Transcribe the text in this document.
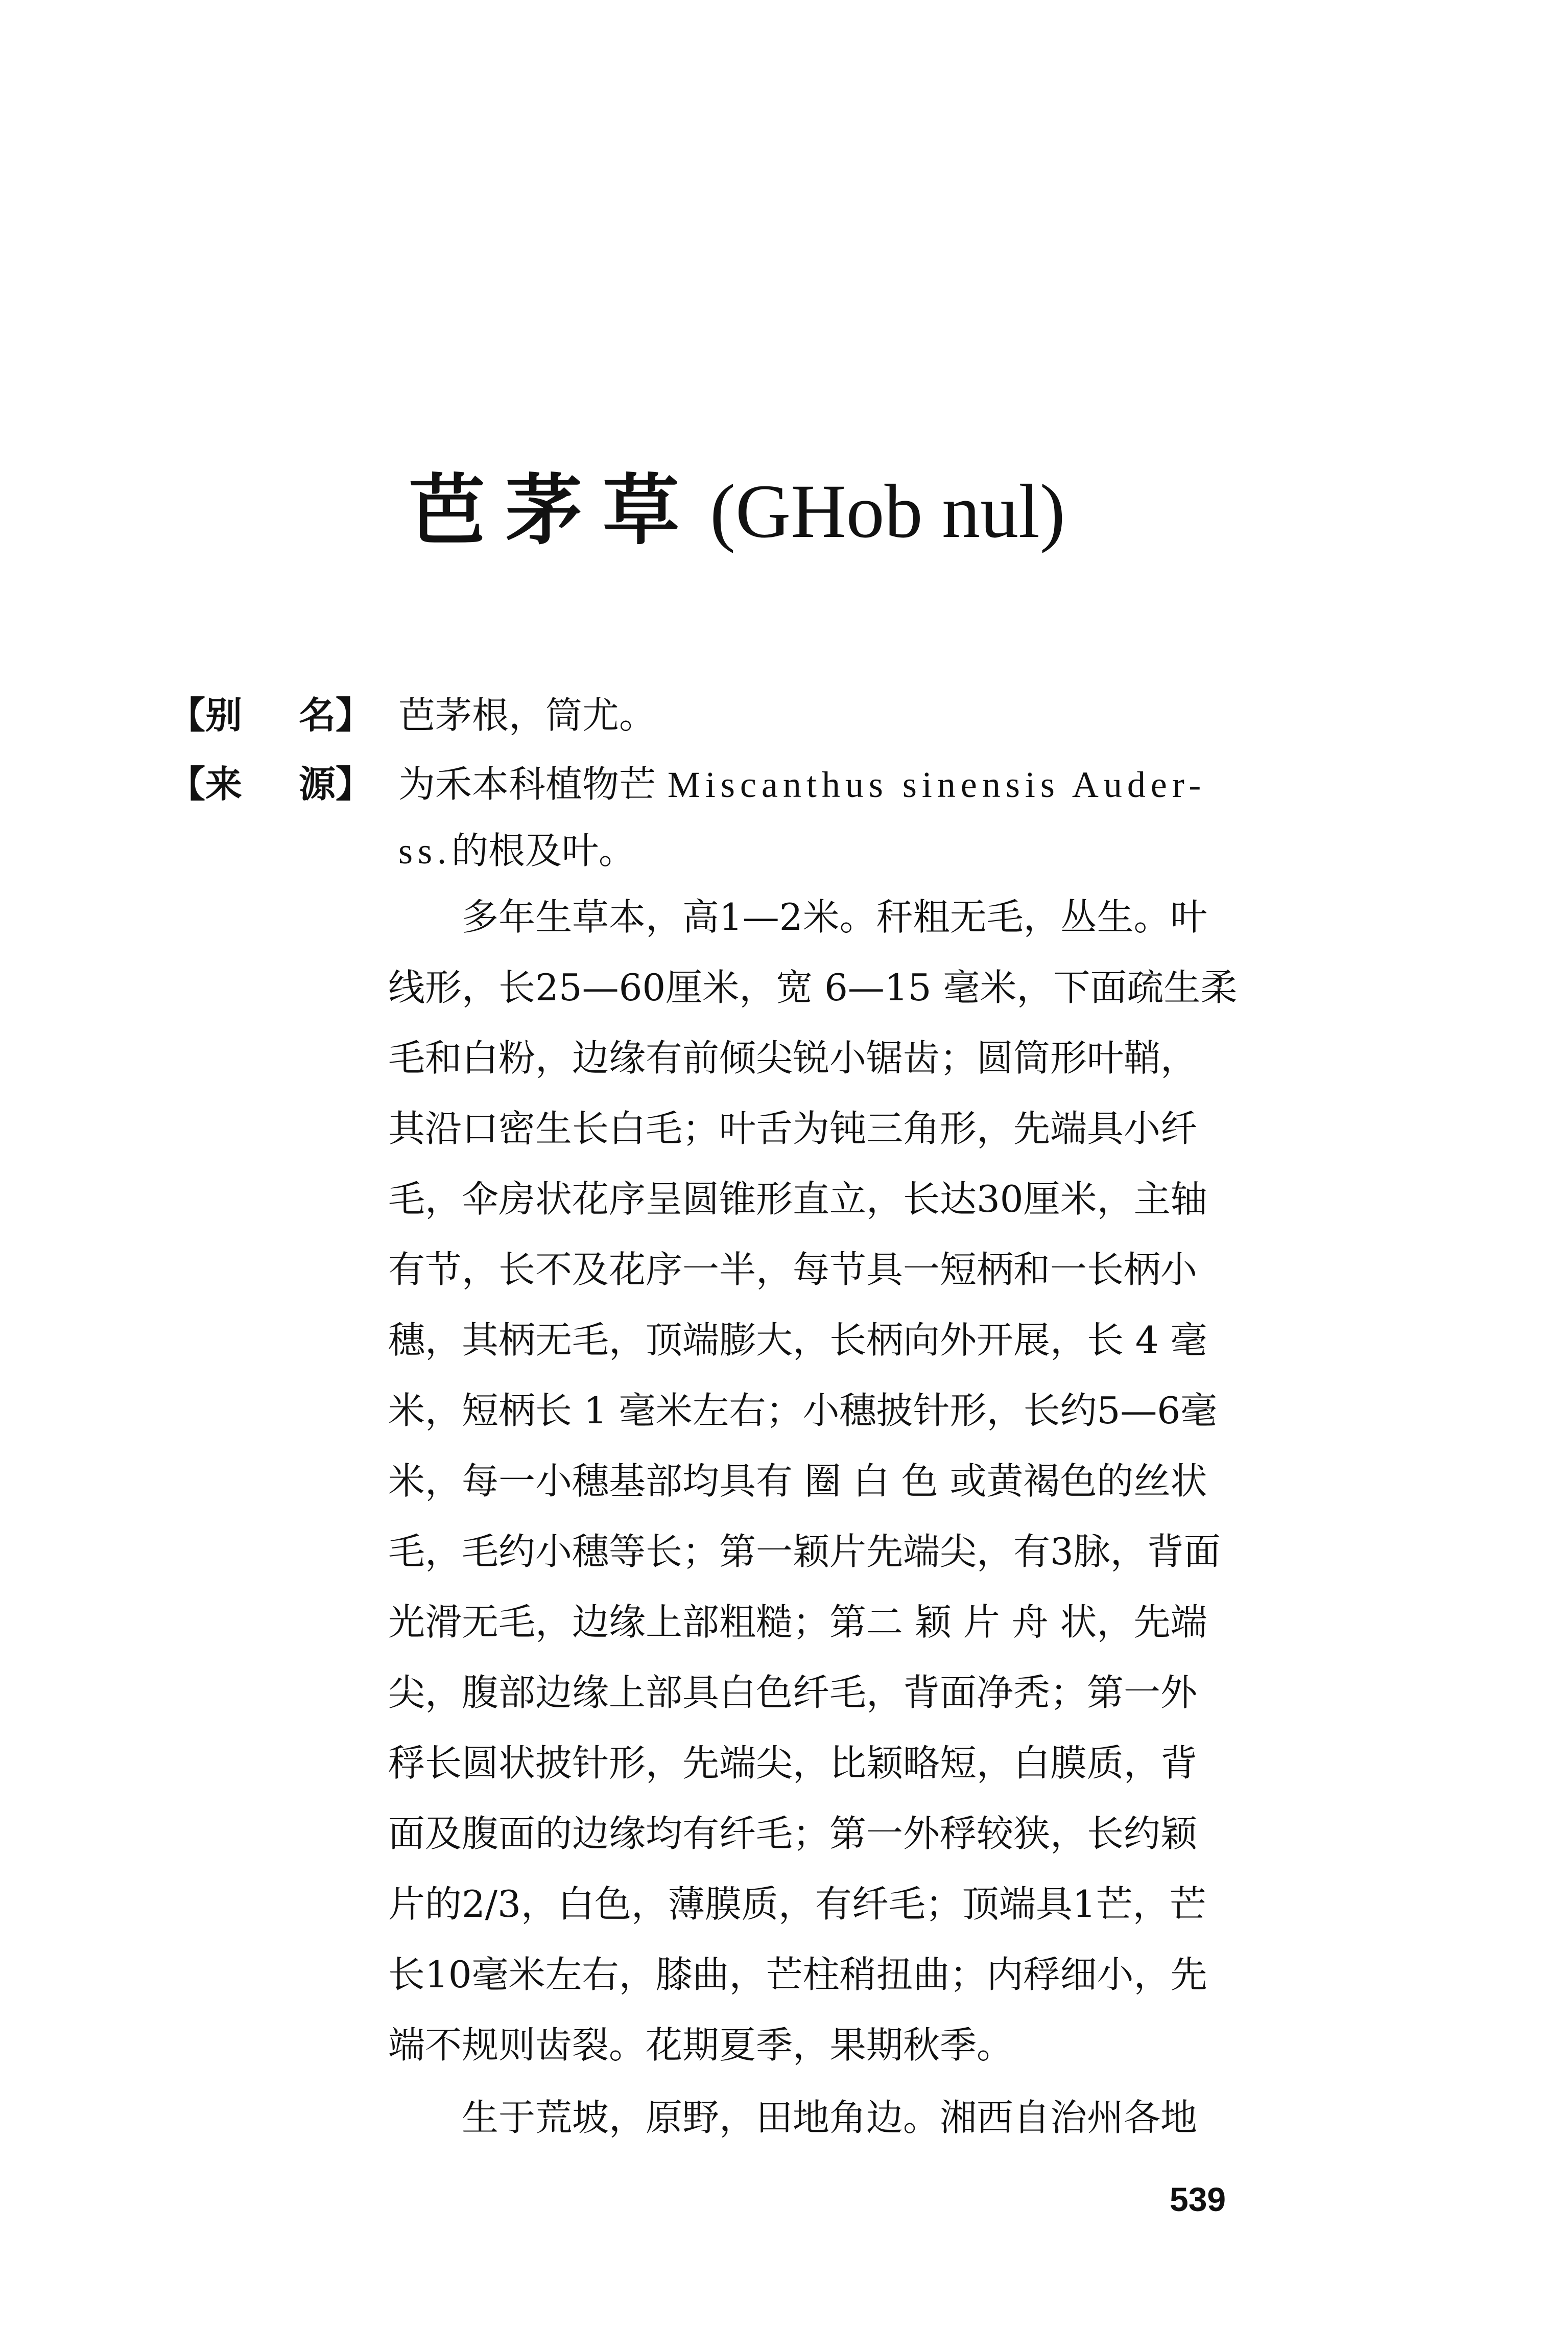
芭茅草 (GHob nul)
【别 名】 芭茅根，筒尤。
【来 源】 为禾本科植物芒 Miscanthus sinensis Auder-
ss.的根及叶。
　　多年生草本，高1—2米。秆粗无毛，丛生。叶
线形，长25—60厘米，宽 6—15 毫米，下面疏生柔
毛和白粉，边缘有前倾尖锐小锯齿；圆筒形叶鞘，
其沿口密生长白毛；叶舌为钝三角形，先端具小纤
毛，伞房状花序呈圆锥形直立，长达30厘米，主轴
有节，长不及花序一半，每节具一短柄和一长柄小
穗，其柄无毛，顶端膨大，长柄向外开展，长 4 毫
米，短柄长 1 毫米左右；小穗披针形，长约5—6毫
米，每一小穗基部均具有 圈 白 色 或黄褐色的丝状
毛，毛约小穗等长；第一颖片先端尖，有3脉，背面
光滑无毛，边缘上部粗糙；第二 颖 片 舟 状，先端
尖，腹部边缘上部具白色纤毛，背面净秃；第一外
稃长圆状披针形，先端尖，比颖略短，白膜质，背
面及腹面的边缘均有纤毛；第一外稃较狭，长约颖
片的2/3，白色，薄膜质，有纤毛；顶端具1芒，芒
长10毫米左右，膝曲，芒柱稍扭曲；内稃细小，先
端不规则齿裂。花期夏季，果期秋季。
　　生于荒坡，原野，田地角边。湘西自治州各地
539
